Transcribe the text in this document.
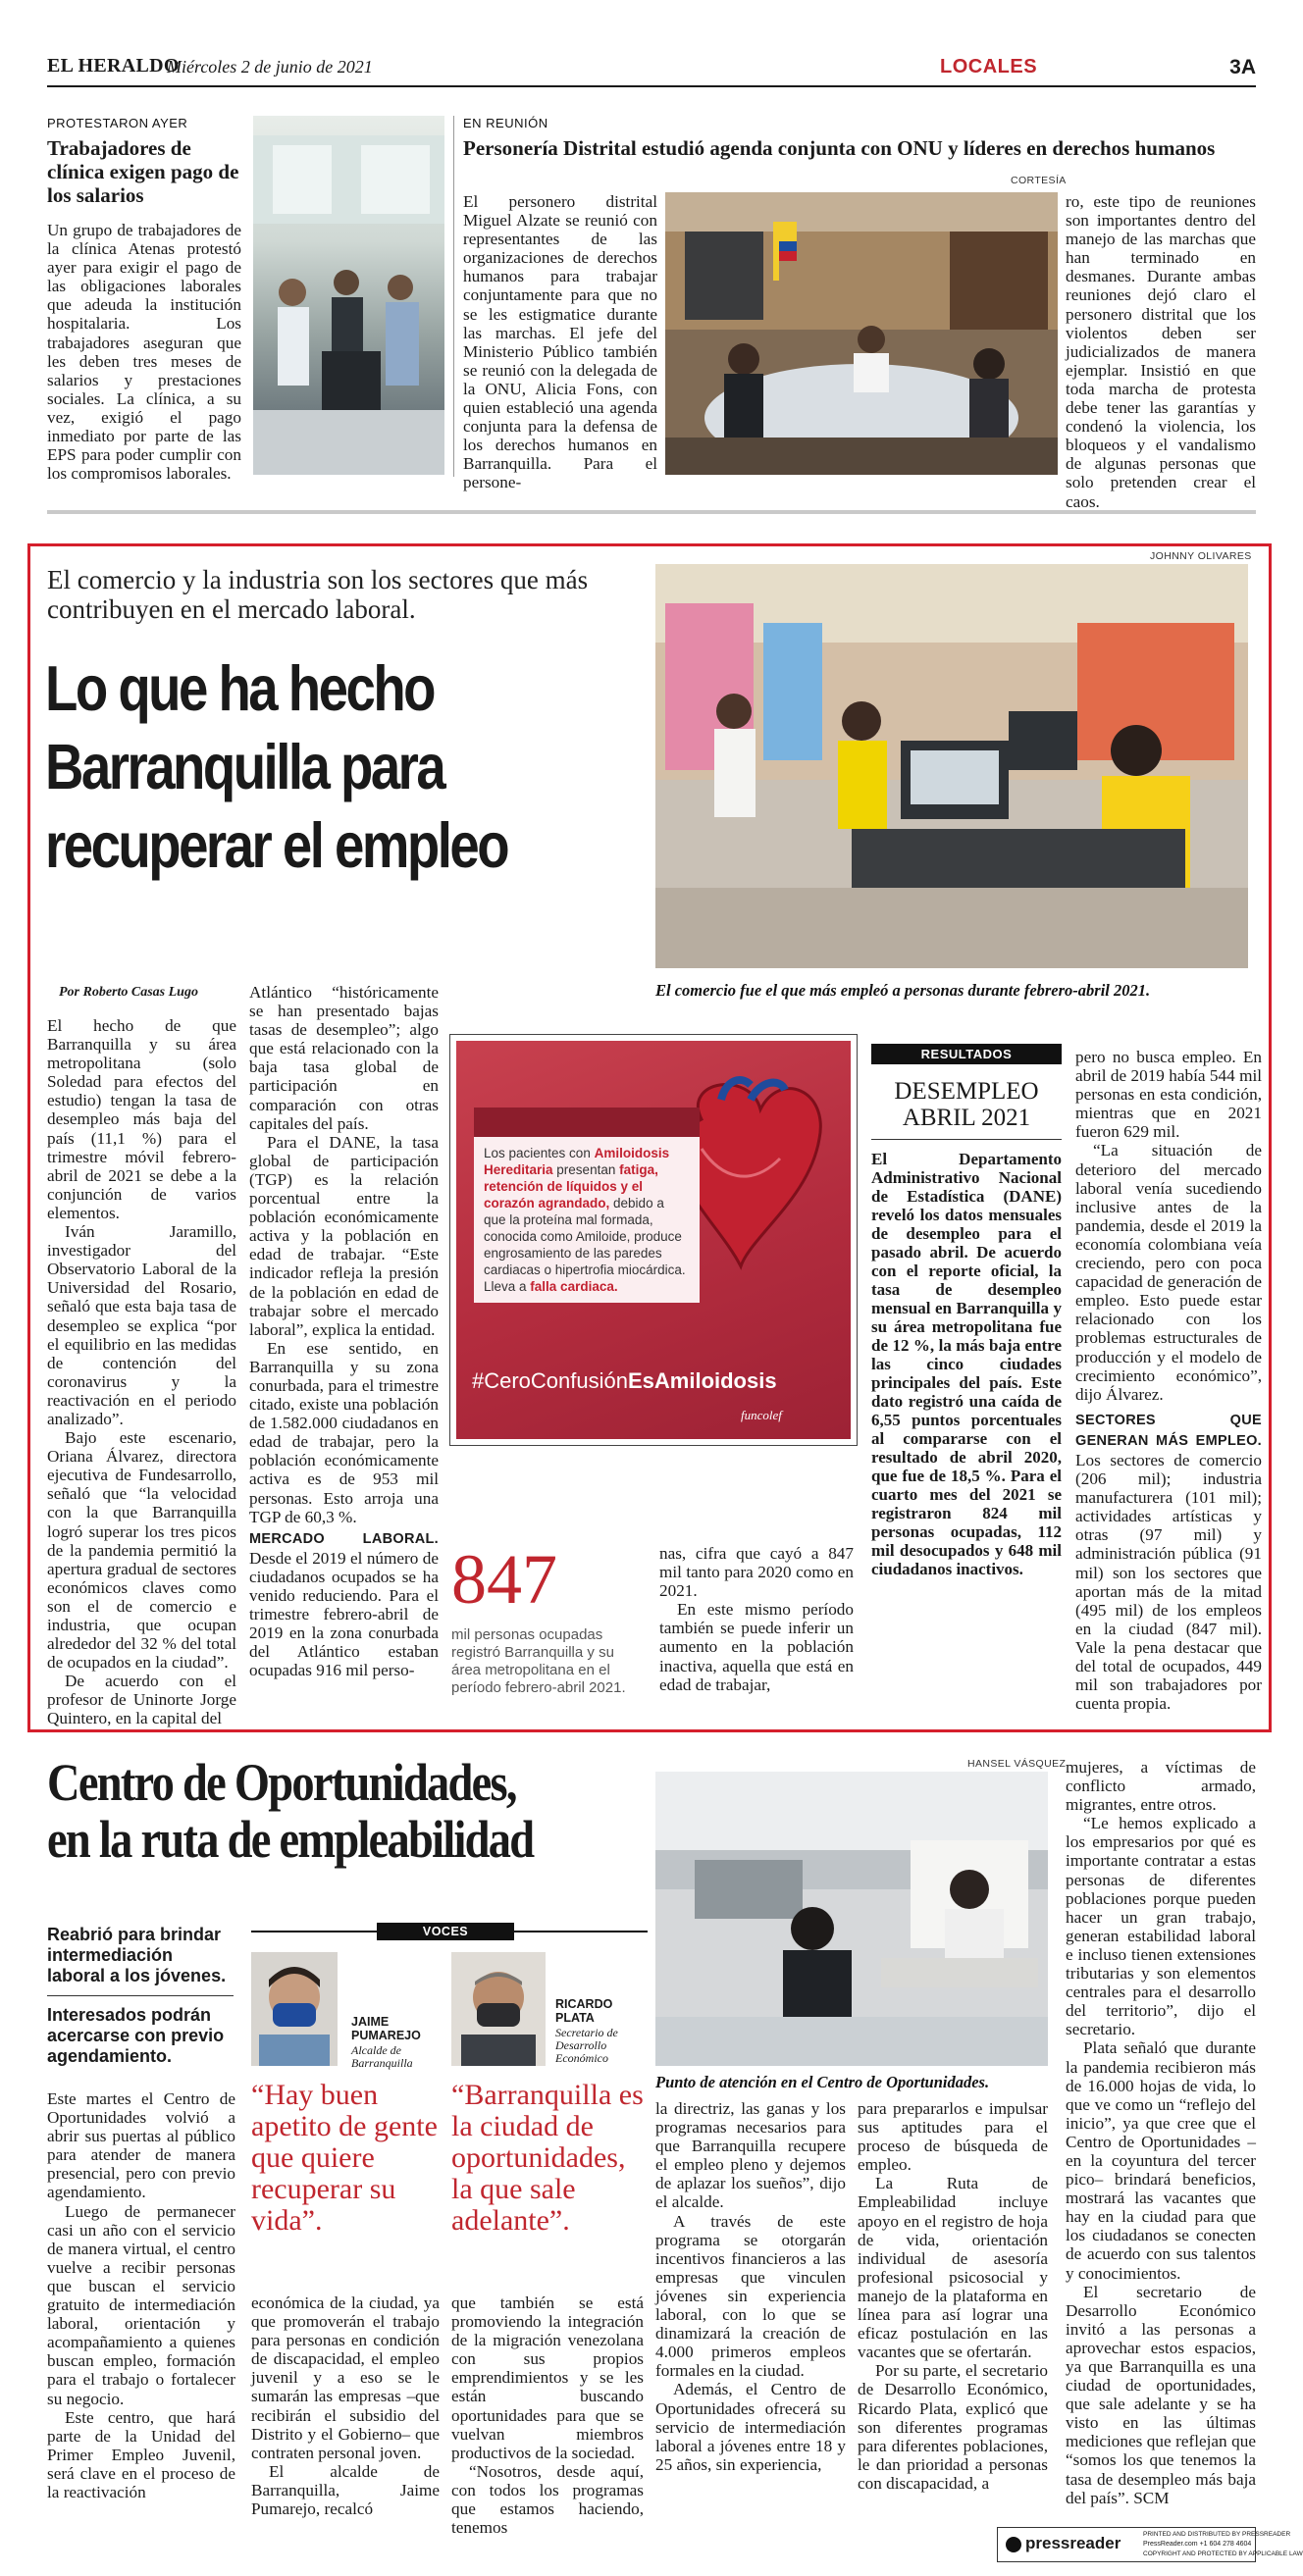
EL HERALDO
Miércoles 2 de junio de 2021	LOCALES	3A
PROTESTARON AYER
Trabajadores de clínica exigen pago de los salarios

Un grupo de trabajadores de la clínica Atenas protestó ayer para exigir el pago de las obligaciones laborales que adeuda la institución hospitalaria. Los trabajadores aseguran que les deben tres meses de salarios y prestaciones sociales. La clínica, a su vez, exigió el pago inmediato por parte de las EPS para poder cumplir con los compromisos laborales.

EN REUNIÓN
Personería Distrital estudió agenda conjunta con ONU y líderes en derechos humanos
CORTESÍA

El personero distrital Miguel Alzate se reunió con representantes de las organizaciones de derechos humanos para trabajar conjuntamente para que no se les estigmatice durante las marchas. El jefe del Ministerio Público también se reunió con la delegada de la ONU, Alicia Fons, con quien estableció una agenda conjunta para la defensa de los derechos humanos en Barranquilla. Para el persone-

ro, este tipo de reuniones son importantes dentro del manejo de las marchas que han terminado en desmanes. Durante ambas reuniones dejó claro el personero distrital que los violentos deben ser judicializados de manera ejemplar. Insistió en que toda marcha de protesta debe tener las garantías y condenó la violencia, los bloqueos y el vandalismo de algunas personas que solo pretenden crear el caos.

El comercio y la industria son los sectores que más contribuyen en el mercado laboral.
Lo que ha hecho
Barranquilla para
recuperar el empleo
JOHNNY OLIVARES
El comercio fue el que más empleó a personas durante febrero-abril 2021.
Por Roberto Casas Lugo

El hecho de que Barranquilla y su área metropolitana (solo Soledad para efectos del estudio) tengan la tasa de desempleo más baja del país (11,1 %) para el trimestre móvil febrero-abril de 2021 se debe a la conjunción de varios elementos.

Iván Jaramillo, investigador del Observatorio Laboral de la Universidad del Rosario, señaló que esta baja tasa de desempleo se explica “por el equilibrio en las medidas de contención del coronavirus y la reactivación en el periodo analizado”.

Bajo este escenario, Oriana Álvarez, directora ejecutiva de Fundesarrollo, señaló que “la velocidad con la que Barranquilla logró superar los tres picos de la pandemia permitió la apertura gradual de sectores económicos claves como son el de comercio e industria, que ocupan alrededor del 32 % del total de ocupados en la ciudad”.

De acuerdo con el profesor de Uninorte Jorge Quintero, en la capital del

Atlántico “históricamente se han presentado bajas tasas de desempleo”; algo que está relacionado con la baja tasa global de participación en comparación con otras capitales del país.

Para el DANE, la tasa global de participación (TGP) es la relación porcentual entre la población económicamente activa y la población en edad de trabajar. “Este indicador refleja la presión de la población en edad de trabajar sobre el mercado laboral”, explica la entidad.

En ese sentido, en Barranquilla y su zona conurbada, para el trimestre citado, existe una población de 1.582.000 ciudadanos en edad de trabajar, pero la población económicamente activa es de 953 mil personas. Esto arroja una TGP de 60,3 %.

MERCADO LABORAL. Desde el 2019 el número de ciudadanos ocupados se ha venido reduciendo. Para el trimestre febrero-abril de 2019 en la zona conurbada del Atlántico estaban ocupadas 916 mil perso-

Los pacientes con Amiloidosis Hereditaria presentan fatiga, retención de líquidos y el corazón agrandado, debido a que la proteína mal formada, conocida como Amiloide, produce engrosamiento de las paredes cardiacas o hipertrofia miocárdica. Lleva a falla cardiaca.
#CeroConfusiónEsAmiloidosis
funcolef
847
mil personas ocupadas registró Barranquilla y su área metropolitana en el período febrero-abril 2021.

nas, cifra que cayó a 847 mil tanto para 2020 como en 2021.

En este mismo período también se puede inferir un aumento en la población inactiva, aquella que está en edad de trabajar,

RESULTADOS
DESEMPLEO ABRIL 2021

El Departamento Administrativo Nacional de Estadística (DANE) reveló los datos mensuales de desempleo para el pasado abril. De acuerdo con el reporte oficial, la tasa de desempleo mensual en Barranquilla y su área metropolitana fue de 12 %, la más baja entre las cinco ciudades principales del país. Este dato registró una caída de 6,55 puntos porcentuales al compararse con el resultado de abril 2020, que fue de 18,5 %. Para el cuarto mes del 2021 se registraron 824 mil personas ocupadas, 112 mil desocupados y 648 mil ciudadanos inactivos.

pero no busca empleo. En abril de 2019 había 544 mil personas en esta condición, mientras que en 2021 fueron 629 mil.

“La situación de deterioro del mercado laboral venía sucediendo inclusive antes de la pandemia, desde el 2019 la economía colombiana veía creciendo, pero con poca capacidad de generación de empleo. Esto puede estar relacionado con los problemas estructurales de producción y el modelo de crecimiento económico”, dijo Álvarez.

SECTORES QUE GENERAN MÁS EMPLEO. Los sectores de comercio (206 mil); industria manufacturera (101 mil); actividades artísticas y otras (97 mil) y administración pública (91 mil) son los sectores que aportan más de la mitad (495 mil) de los empleos en la ciudad (847 mil). Vale la pena destacar que del total de ocupados, 449 mil son trabajadores por cuenta propia.

Centro de Oportunidades,
en la ruta de empleabilidad
HANSEL VÁSQUEZ
Punto de atención en el Centro de Oportunidades.
Reabrió para brindar intermediación laboral a los jóvenes.
Interesados podrán acercarse con previo agendamiento.
VOCES
JAIME PUMAREJO
Alcalde de Barranquilla
“Hay buen apetito de gente que quiere recuperar su vida”.
RICARDO PLATA
Secretario de Desarrollo Económico
“Barranquilla es la ciudad de oportunidades, la que sale adelante”.

Este martes el Centro de Oportunidades volvió a abrir sus puertas al público para atender de manera presencial, pero con previo agendamiento.

Luego de permanecer casi un año con el servicio de manera virtual, el centro vuelve a recibir personas que buscan el servicio gratuito de intermediación laboral, orientación y acompañamiento a quienes buscan empleo, formación para el trabajo o fortalecer su negocio.

Este centro, que hará parte de la Unidad del Primer Empleo Juvenil, será clave en el proceso de la reactivación

económica de la ciudad, ya que promoverán el trabajo para personas en condición de discapacidad, el empleo juvenil y a eso se le sumarán las empresas –que recibirán el subsidio del Distrito y el Gobierno– que contraten personal joven.

El alcalde de Barranquilla, Jaime Pumarejo, recalcó

que también se está promoviendo la integración de la migración venezolana con sus propios emprendimientos y se les están buscando oportunidades para que se vuelvan miembros productivos de la sociedad.

“Nosotros, desde aquí, con todos los programas que estamos haciendo, tenemos

la directriz, las ganas y los programas necesarios para que Barranquilla recupere el empleo pleno y dejemos de aplazar los sueños”, dijo el alcalde.

A través de este programa se otorgarán incentivos financieros a las empresas que vinculen jóvenes sin experiencia laboral, con lo que se dinamizará la creación de 4.000 primeros empleos formales en la ciudad.

Además, el Centro de Oportunidades ofrecerá su servicio de intermediación laboral a jóvenes entre 18 y 25 años, sin experiencia,

para prepararlos e impulsar sus aptitudes para el proceso de búsqueda de empleo.

La Ruta de Empleabilidad incluye apoyo en el registro de hoja de vida, orientación individual de asesoría profesional psicosocial y manejo de la plataforma en línea para así lograr una eficaz postulación en las vacantes que se ofertarán.

Por su parte, el secretario de Desarrollo Económico, Ricardo Plata, explicó que son diferentes programas para diferentes poblaciones, le dan prioridad a personas con discapacidad, a

mujeres, a víctimas de conflicto armado, migrantes, entre otros.

“Le hemos explicado a los empresarios por qué es importante contratar a estas personas de diferentes poblaciones porque pueden hacer un gran trabajo, generan estabilidad laboral e incluso tienen extensiones tributarias y son elementos centrales para el desarrollo del territorio”, dijo el secretario.

Plata señaló que durante la pandemia recibieron más de 16.000 hojas de vida, lo que ve como un “reflejo del inicio”, ya que cree que el Centro de Oportunidades –en la coyuntura del tercer pico– brindará beneficios, mostrará las vacantes que hay en la ciudad para que los ciudadanos se conecten de acuerdo con sus talentos y conocimientos.

El secretario de Desarrollo Económico invitó a las personas a aprovechar estos espacios, ya que Barranquilla es una ciudad de oportunidades, que sale adelante y se ha visto en las últimas mediciones que reflejan que “somos los que tenemos la tasa de desempleo más baja del país”. SCM

pressreader	PRINTED AND DISTRIBUTED BY PRESSREADER
PressReader.com +1 604 278 4604
COPYRIGHT AND PROTECTED BY APPLICABLE LAW
